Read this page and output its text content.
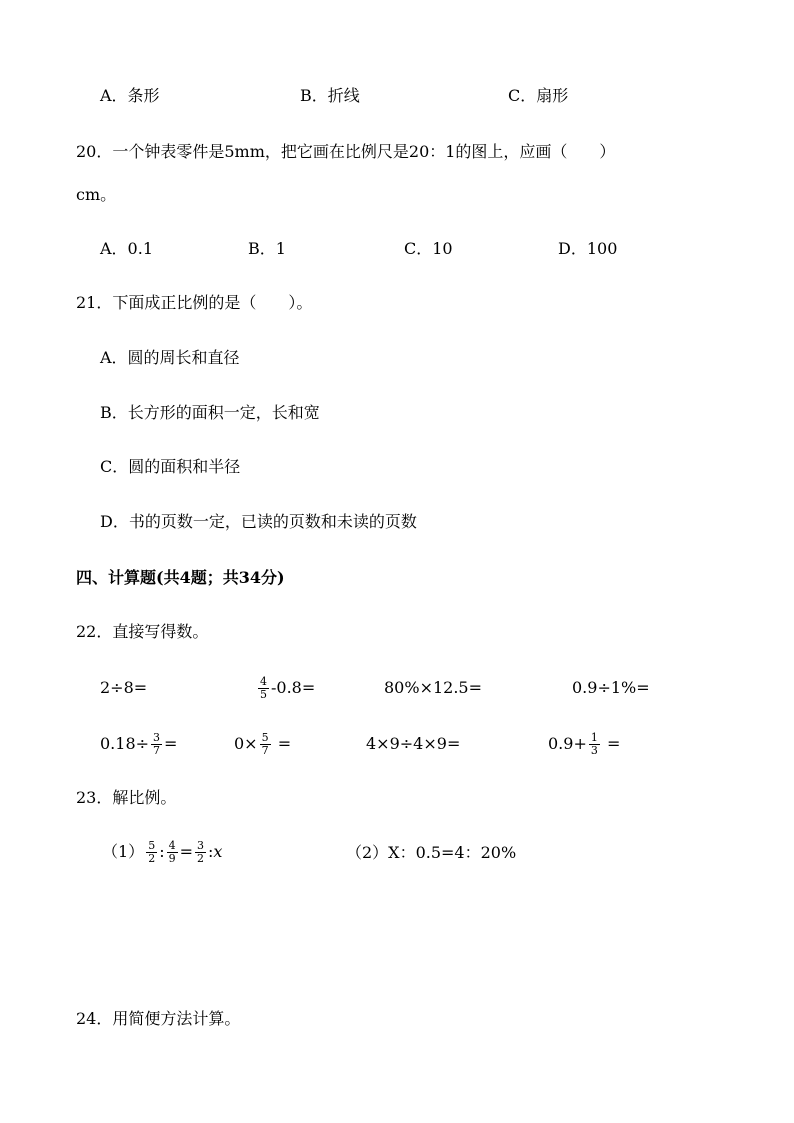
A．条形	B．折线	C．扇形
20．一个钟表零件是5mm，把它画在比例尺是20：1的图上，应画（　　）
cm。
A．0.1	B．1	C．10	D．100
21．下面成正比例的是（　　）。
A．圆的周长和直径
B．长方形的面积一定，长和宽
C．圆的面积和半径
D．书的页数一定，已读的页数和未读的页数
四、计算题(共4题；共34分)
22．直接写得数。
2÷8=	$\frac{4}{5} -0.8=$	80%×12.5=	0.9÷1%=
$0.18\div \frac{3}{7}$ =	$0\times \frac{5}{7}$ =	4×9÷4×9=	$0.9+ \frac{1}{3}$ =
23．解比例。
$(1) \frac{5}{2}$ : $\frac{4}{9} = \frac{3}{2}$ :x	（2）X：0.5=4：20%
24．用简便方法计算。
